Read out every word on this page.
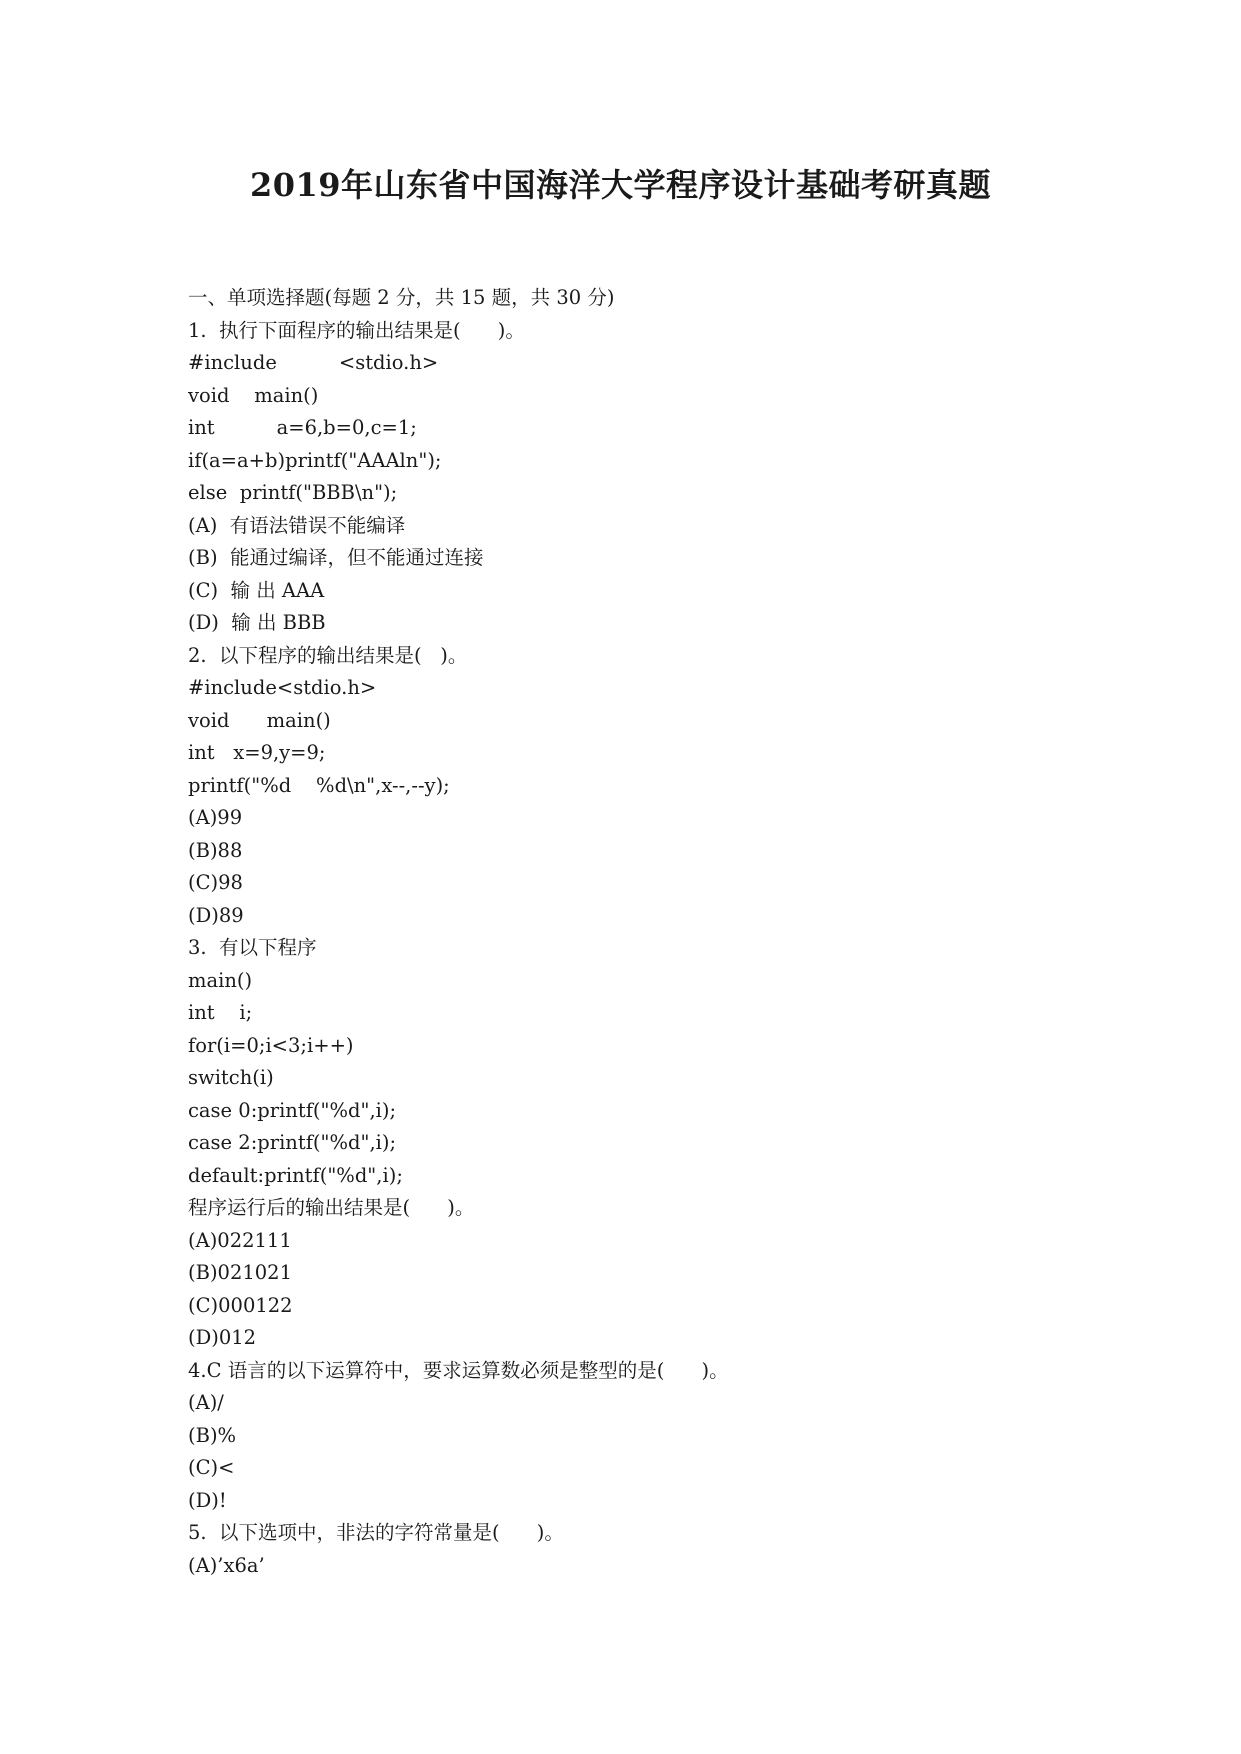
2019年山东省中国海洋大学程序设计基础考研真题
一、单项选择题(每题 2 分，共 15 题，共 30 分)
1.  执行下面程序的输出结果是(      )。
#include          <stdio.h>
void    main()
int          a=6,b=0,c=1;
if(a=a+b)printf("AAAln");
else  printf("BBB\n");
(A)  有语法错误不能编译
(B)  能通过编译，但不能通过连接
(C)  输 出 AAA
(D)  输 出 BBB
2.  以下程序的输出结果是(   )。
#include<stdio.h>
void      main()
int   x=9,y=9;
printf("%d    %d\n",x--,--y);
(A)99
(B)88
(C)98
(D)89
3.  有以下程序
main()
int    i;
for(i=0;i<3;i++)
switch(i)
case 0:printf("%d",i);
case 2:printf("%d",i);
default:printf("%d",i);
程序运行后的输出结果是(      )。
(A)022111
(B)021021
(C)000122
(D)012
4.C 语言的以下运算符中，要求运算数必须是整型的是(      )。
(A)/
(B)%
(C)<
(D)!
5.  以下选项中，非法的字符常量是(      )。
(A)’x6a’
